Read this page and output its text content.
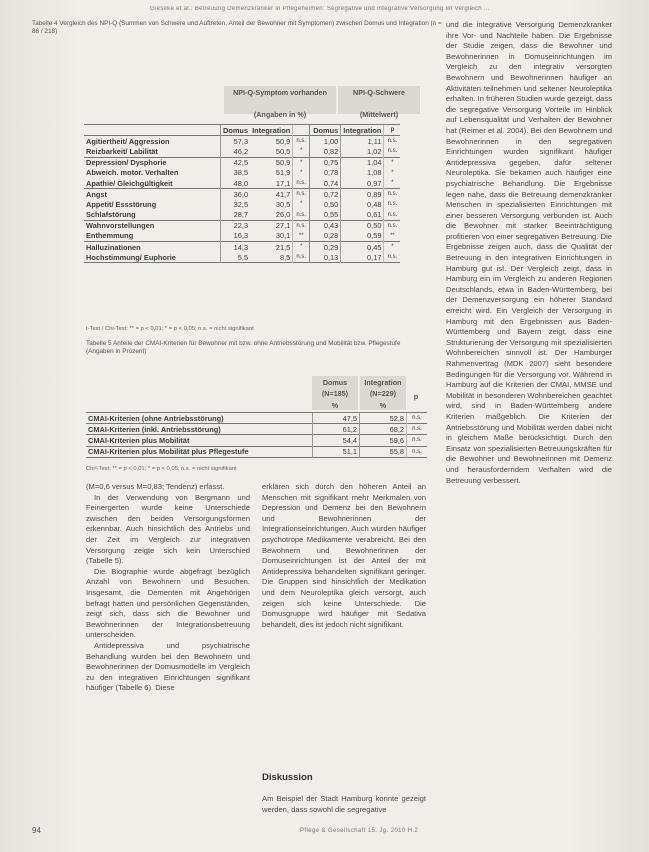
Gieseke et al.: Betreuung Demenzkranker in Pflegeheimen: Segregative und integrative Versorgung im Vergleich ...
Tabelle 4 Vergleich des NPI-Q (Summen von Schwere und Auftreten, Anteil der Bewohner mit Symptomen) zwischen Domus und Integration (n = 86 / 218)
NPI-Q-Symptom vorhanden
(Angaben in %)
NPI-Q-Schwere
(Mittelwert)
	Domus	Integration		Domus	Integration	p
Agitiertheit/ Aggression	57,3	50,9	n.s.	1,00	1,11	n.s.
Reizbarkeit/ Labilität	46,2	50,5	*	0,82	1,02	n.s.
Depression/ Dysphorie	42,5	50,9	*	0,75	1,04	*
Abweich. motor. Verhalten	38,5	51,9	*	0,78	1,08	*
Apathie/ Gleichgültigkeit	48,0	17,1	n.s.	0,74	0,97	*
Angst	36,0	41,7	n.s.	0,72	0,89	n.s.
Appetit/ Essstörung	32,5	30,5	*	0,50	0,48	n.s.
Schlafstörung	28,7	26,0	n.s.	0,55	0,61	n.s.
Wahnvorstellungen	22,3	27,1	n.s.	0,43	0,50	n.s.
Enthemmung	16,3	30,1	**	0,28	0,59	**
Halluzinationen	14,3	21,5	*	0,29	0,45	*
Hochstimmung/ Euphorie	5,5	8,5	n.s.	0,13	0,17	n.s.
t-Test / Chi-Test: ** = p < 0,01; * = p < 0,05; n.s. = nicht signifikant
Tabelle 5 Anteile der CMAI-Kriterien für Bewohner mit bzw. ohne Antriebsstörung und Mobilität bzw. Pflegestufe (Angaben in Prozent)
Domus
(N=185)
%
Integration
(N=229)
%
p
CMAI-Kriterien (ohne Antriebsstörung)	47,5	52,8	n.s.
CMAI-Kriterien (inkl. Antriebsstörung)	61,2	68,2	n.s.
CMAI-Kriterien plus Mobilität	54,4	59,6	n.s.
CMAI-Kriterien plus Mobilität plus Pflegestufe	51,1	55,8	n.s.
Chi²-Test: ** = p < 0,01; * = p < 0,05; n.s. = nicht signifikant

(M=0,6 versus M=0,83; Tendenz) erfasst.

In der Verwendung von Bergmann und Feinergerten wurde keine Unterschiede zwischen den beiden Versorgungsformen erkennbar. Auch hinsichtlich des Antriebs und der Zeit im Vergleich zur integrativen Versorgung zeigte sich kein Unterschied (Tabelle 5).

Die Biographie wurde abgefragt bezüglich Anzahl von Bewohnern und Besuchen. Insgesamt, die Dementen mit Angehörigen befragt hatten und persönlichen Gegenständen, zeigt sich, dass sich die Bewohner und Bewohnerinnen der Integrationsbetreuung unterscheiden.

Antidepressiva und psychiatrische Behandlung wurden bei den Bewohnern und Bewohnerinnen der Domusmodelle im Vergleich zu den integrativen Einrichtungen signifikant häufiger (Tabelle 6). Diese

erklären sich durch den höheren Anteil an Menschen mit signifikant mehr Merkmalen von Depression und Demenz bei den Bewohnern und Bewohnerinnen der Integrationseinrichtungen. Auch wurden häufiger psychotrope Medikamente verabreicht. Bei den Bewohnern und Bewohnerinnen der Domuseinrichtungen ist der Anteil der mit Antidepressiva behandelten signifikant geringer. Die Gruppen sind hinsichtlich der Medikation und dem Neuroleptika gleich versorgt, auch zeigen sich keine Unterschiede. Die Domusgruppe wird häufiger mit Sedativa behandelt, dies ist jedoch nicht signifikant.

Diskussion

Am Beispiel der Stadt Hamburg konnte gezeigt werden, dass sowohl die segregative

und die integrative Versorgung Demenzkranker ihre Vor- und Nachteile haben. Die Ergebnisse der Studie zeigen, dass die Bewohner und Bewohnerinnen in Domuseinrichtungen im Vergleich zu den integrativ versorgten Bewohnern und Bewohnerinnen häufiger an Aktivitäten teilnehmen und seltener Neuroleptika erhalten. In früheren Studien wurde gezeigt, dass die segregative Versorgung Vorteile im Hinblick auf Lebensqualität und Verhalten der Bewohner hat (Reimer et al. 2004). Bei den Bewohnern und Bewohnerinnen in den segregativen Einrichtungen wurden signifikant häufiger Antidepressiva gegeben, dafür seltener Neuroleptika. Sie bekamen auch häufiger eine psychiatrische Behandlung. Die Ergebnisse legen nahe, dass die Betreuung demenzkranker Menschen in spezialisierten Einrichtungen mit einer besseren Versorgung verbunden ist. Auch die Bewohner mit starker Beeinträchtigung profitieren von einer segregativen Betreuung. Die Ergebnisse zeigen auch, dass die Qualität der Betreuung in den integrativen Einrichtungen in Hamburg gut ist. Der Vergleich zeigt, dass in Hamburg ein im Vergleich zu anderen Regionen Deutschlands, etwa in Baden-Württemberg, bei der Demenzversorgung ein höherer Standard erreicht wird. Ein Vergleich der Versorgung in Hamburg mit den Ergebnissen aus Baden-Württemberg und Bayern zeigt, dass eine Strukturierung der Versorgung mit spezialisierten Wohnbereichen sinnvoll ist. Der Hamburger Rahmenvertrag (MDK 2007) sieht besondere Bedingungen für die Versorgung vor. Während in Hamburg auf die Kriterien der CMAI, MMSE und Mobilität in besonderen Wohnbereichen geachtet wird, sind in Baden-Württemberg andere Kriterien maßgeblich. Die Kriterien der Antriebsstörung und Mobilität werden dabei nicht in gleichem Maße berücksichtigt. Durch den Einsatz von spezialisierten Betreuungskräften für die Bewohner und Bewohnerinnen mit Demenz und herausforderndem Verhalten wird die Betreuung verbessert.

94	Pflege & Gesellschaft 15. Jg. 2010 H.2
